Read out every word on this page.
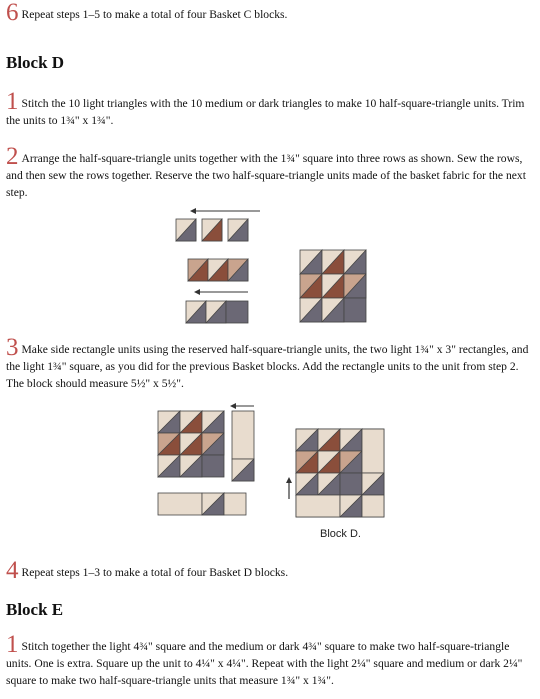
6 Repeat steps 1–5 to make a total of four Basket C blocks.
Block D
1 Stitch the 10 light triangles with the 10 medium or dark triangles to make 10 half-square-triangle units. Trim the units to 1¾" x 1¾".
2 Arrange the half-square-triangle units together with the 1¾" square into three rows as shown. Sew the rows, and then sew the rows together. Reserve the two half-square-triangle units made of the basket fabric for the next step.
3 Make side rectangle units using the reserved half-square-triangle units, the two light 1¾" x 3" rectangles, and the light 1¾" square, as you did for the previous Basket blocks. Add the rectangle units to the unit from step 2. The block should measure 5½" x 5½".
Block D.
4 Repeat steps 1–3 to make a total of four Basket D blocks.
Block E
1 Stitch together the light 4¾" square and the medium or dark 4¾" square to make two half-square-triangle units. One is extra. Square up the unit to 4¼" x 4¼". Repeat with the light 2¼" square and medium or dark 2¼" square to make two half-square-triangle units that measure 1¾" x 1¾".
